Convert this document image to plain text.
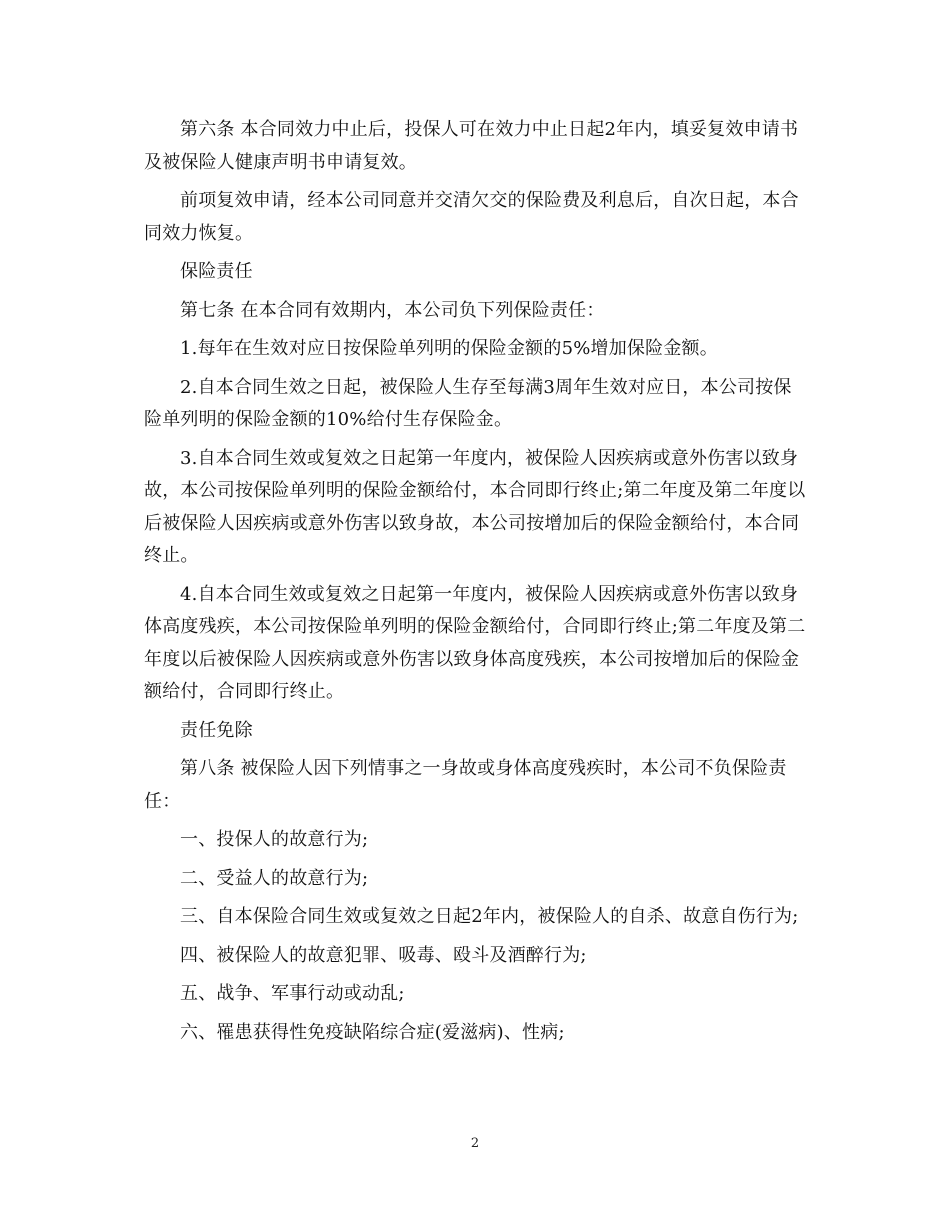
第六条 本合同效力中止后，投保人可在效力中止日起2年内，填妥复效申请书及被保险人健康声明书申请复效。

前项复效申请，经本公司同意并交清欠交的保险费及利息后，自次日起，本合同效力恢复。

保险责任

第七条 在本合同有效期内，本公司负下列保险责任：

1.每年在生效对应日按保险单列明的保险金额的5%增加保险金额。

2.自本合同生效之日起，被保险人生存至每满3周年生效对应日，本公司按保险单列明的保险金额的10%给付生存保险金。

3.自本合同生效或复效之日起第一年度内，被保险人因疾病或意外伤害以致身故，本公司按保险单列明的保险金额给付，本合同即行终止;第二年度及第二年度以后被保险人因疾病或意外伤害以致身故，本公司按增加后的保险金额给付，本合同终止。

4.自本合同生效或复效之日起第一年度内，被保险人因疾病或意外伤害以致身体高度残疾，本公司按保险单列明的保险金额给付，合同即行终止;第二年度及第二年度以后被保险人因疾病或意外伤害以致身体高度残疾，本公司按增加后的保险金额给付，合同即行终止。

责任免除

第八条 被保险人因下列情事之一身故或身体高度残疾时，本公司不负保险责任：

一、投保人的故意行为;

二、受益人的故意行为;

三、自本保险合同生效或复效之日起2年内，被保险人的自杀、故意自伤行为;

四、被保险人的故意犯罪、吸毒、殴斗及酒醉行为;

五、战争、军事行动或动乱;

六、罹患获得性免疫缺陷综合症(爱滋病)、性病;

2
